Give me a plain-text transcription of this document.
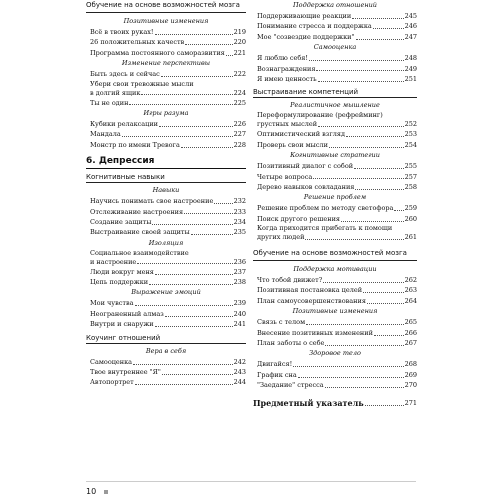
Обучение на основе возможностей мозга
Позитивные изменения
Всё в твоих руках!	219
26 положительных качеств	220
Программа постоянного саморазвития 221
Изменение перспективы
Быть здесь и сейчас	222
Убери свои тревожные мысли
в долгий ящик	224
Ты не один	225
Игры разума
Кубики релаксации	226
Мандала	227
Монстр по имени Тревога	228
6. Депрессия
Когнитивные навыки
Навыки
Научись понимать свое настроение	232
Отслеживание настроения	233
Создание защиты	234
Выстраивание своей защиты	235
Изоляция
Социальное взаимодействие
и настроение	236
Люди вокруг меня	237
Цепь поддержки	238
Выражение эмоций
Мои чувства	239
Неограненный алмаз	240
Внутри и снаружи	241
Коучинг отношений
Вера в себя
Самооценка	242
Твое внутреннее "Я"	243
Автопортрет	244
Поддержка отношений
Поддерживающие реакции	245
Понимание стресса и поддержка	246
Мое "созвездие поддержки"	247
Самооценка
Я люблю себя!	248
Вознаграждения	249
Я имею ценность	251
Выстраивание компетенций
Реалистичное мышление
Переформулирование (рефрейминг)
грустных мыслей	252
Оптимистический взгляд	253
Проверь свои мысли	254
Когнитивные стратегии
Позитивный диалог с собой	255
Четыре вопроса	257
Дерево навыков совладания	258
Решение проблем
Решение проблем по методу светофора 259
Поиск другого решения	260
Когда приходится прибегать к помощи
других людей	261
Обучение на основе возможностей мозга
Поддержка мотивации
Что тобой движет?	262
Позитивная постановка целей	263
План самоусовершенствования	264
Позитивные изменения
Связь с телом	265
Внесение позитивных изменений	266
План заботы о себе	267
Здоровое тело
Двигайся!	268
График сна	269
"Заедание" стресса	270
Предметный указатель	271
10
